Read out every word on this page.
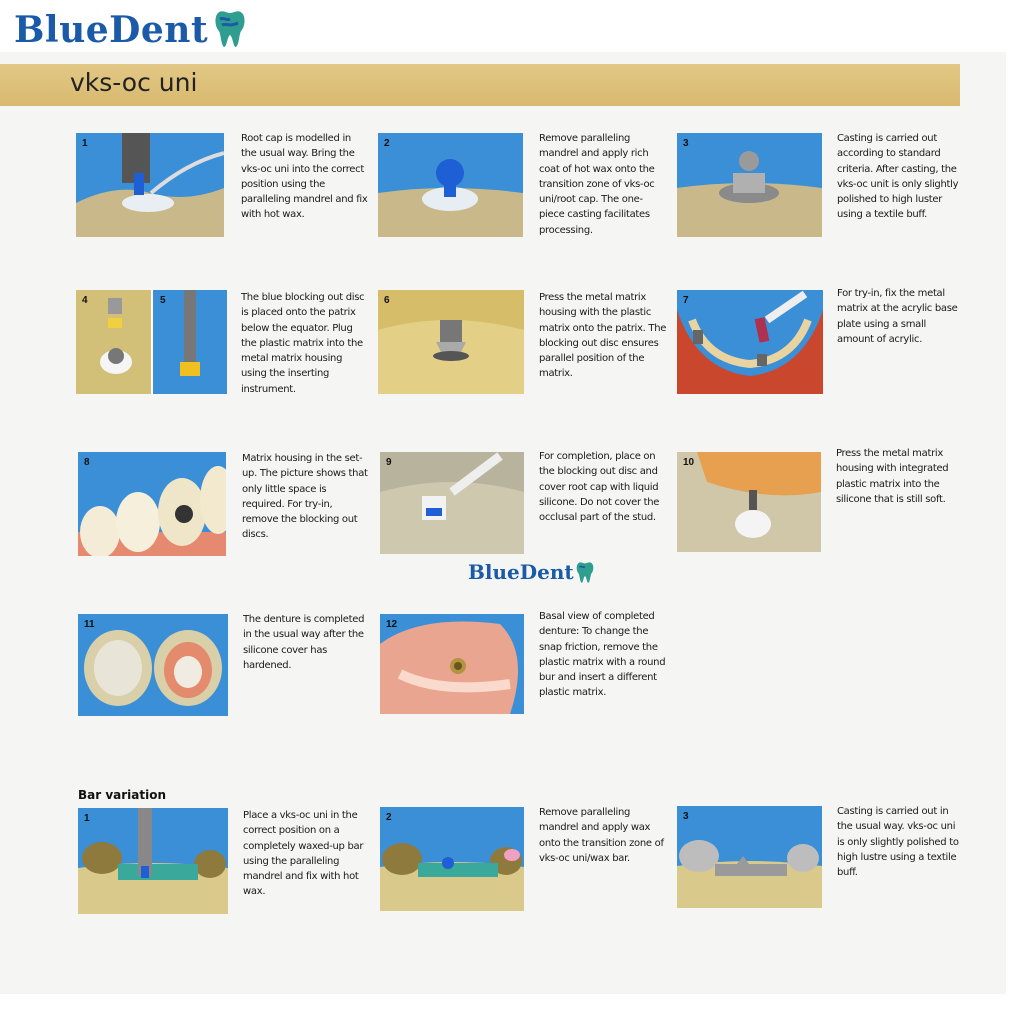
BlueDent
vks-oc uni
1	Root cap is modelled in the usual way. Bring the vks-oc uni into the correct position using the paralleling mandrel and fix with hot wax.
2	Remove paralleling mandrel and apply rich coat of hot wax onto the transition zone of vks-oc uni/root cap. The one-piece casting facilitates processing.
3	Casting is carried out according to standard criteria. After casting, the vks-oc unit is only slightly polished to high luster using a textile buff.
4	5	The blue blocking out disc is placed onto the patrix below the equator. Plug the plastic matrix into the metal matrix housing using the inserting instrument.
6	Press the metal matrix housing with the plastic matrix onto the patrix. The blocking out disc ensures parallel position of the matrix.
7
For try-in, fix the metal matrix at the acrylic base plate using a small amount of acrylic.
8	Matrix housing in the set-up. The picture shows that only little space is required. For try-in, remove the blocking out discs.
9
For completion, place on the blocking out disc and cover root cap with liquid silicone. Do not cover the occlusal part of the stud.
10
Press the metal matrix housing with integrated plastic matrix into the silicone that is still soft.
BlueDent
11	The denture is completed in the usual way after the silicone cover has hardened.
12
Basal view of completed denture: To change the snap friction, remove the plastic matrix with a round bur and insert a different plastic matrix.
Bar variation
1	Place a vks-oc uni in the correct position on a completely waxed-up bar using the paralleling mandrel and fix with hot wax.
2	Remove paralleling mandrel and apply wax onto the transition zone of vks-oc uni/wax bar.
3	Casting is carried out in the usual way. vks-oc uni is only slightly polished to high lustre using a textile buff.
